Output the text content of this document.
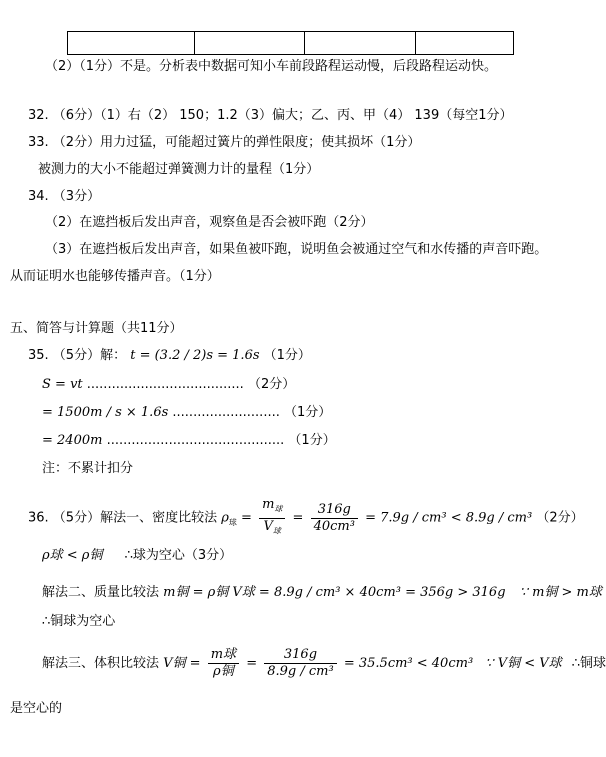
（2）（1分）不是。分析表中数据可知小车前段路程运动慢，后段路程运动快。
32. （6分）（1）右（2） 150；1.2（3）偏大；乙、丙、甲（4） 139（每空1分）
33. （2分）用力过猛，可能超过簧片的弹性限度；使其损坏（1分）
被测力的大小不能超过弹簧测力计的量程（1分）
34. （3分）
（2）在遮挡板后发出声音，观察鱼是否会被吓跑（2分）
（3）在遮挡板后发出声音，如果鱼被吓跑，说明鱼会被通过空气和水传播的声音吓跑。
从而证明水也能够传播声音。（1分）
五、简答与计算题（共11分）
35. （5分）解： t = (3.2 / 2)s = 1.6s （1分）
S = vt ...................................... （2分）
= 1500m / s × 1.6s .......................... （1分）
= 2400m ........................................... （1分）
注：不累计扣分
36. （5分）解法一、密度比较法 $\rho_球 = \frac{m_球}{V_球} = \frac{316g}{\text{40cm³}} = 7.9g / cm^3 < 8.9g / cm^3$ （2分）
ρ球 < ρ铜 ∴球为空心（3分）
解法二、质量比较法 m铜 = ρ铜 V球 = 8.9g / cm³ × 40cm³ = 356g > 316g ∵ m铜 > m球
∴铜球为空心
解法三、体积比较法 V铜 = $\frac{\text{m球}}{\text{ρ铜}} = \frac{316g}{\text{8.9g / cm³}} = 35.5cm^3 < 40cm^3$ ∵ V铜 < V球 ∴铜球
是空心的
